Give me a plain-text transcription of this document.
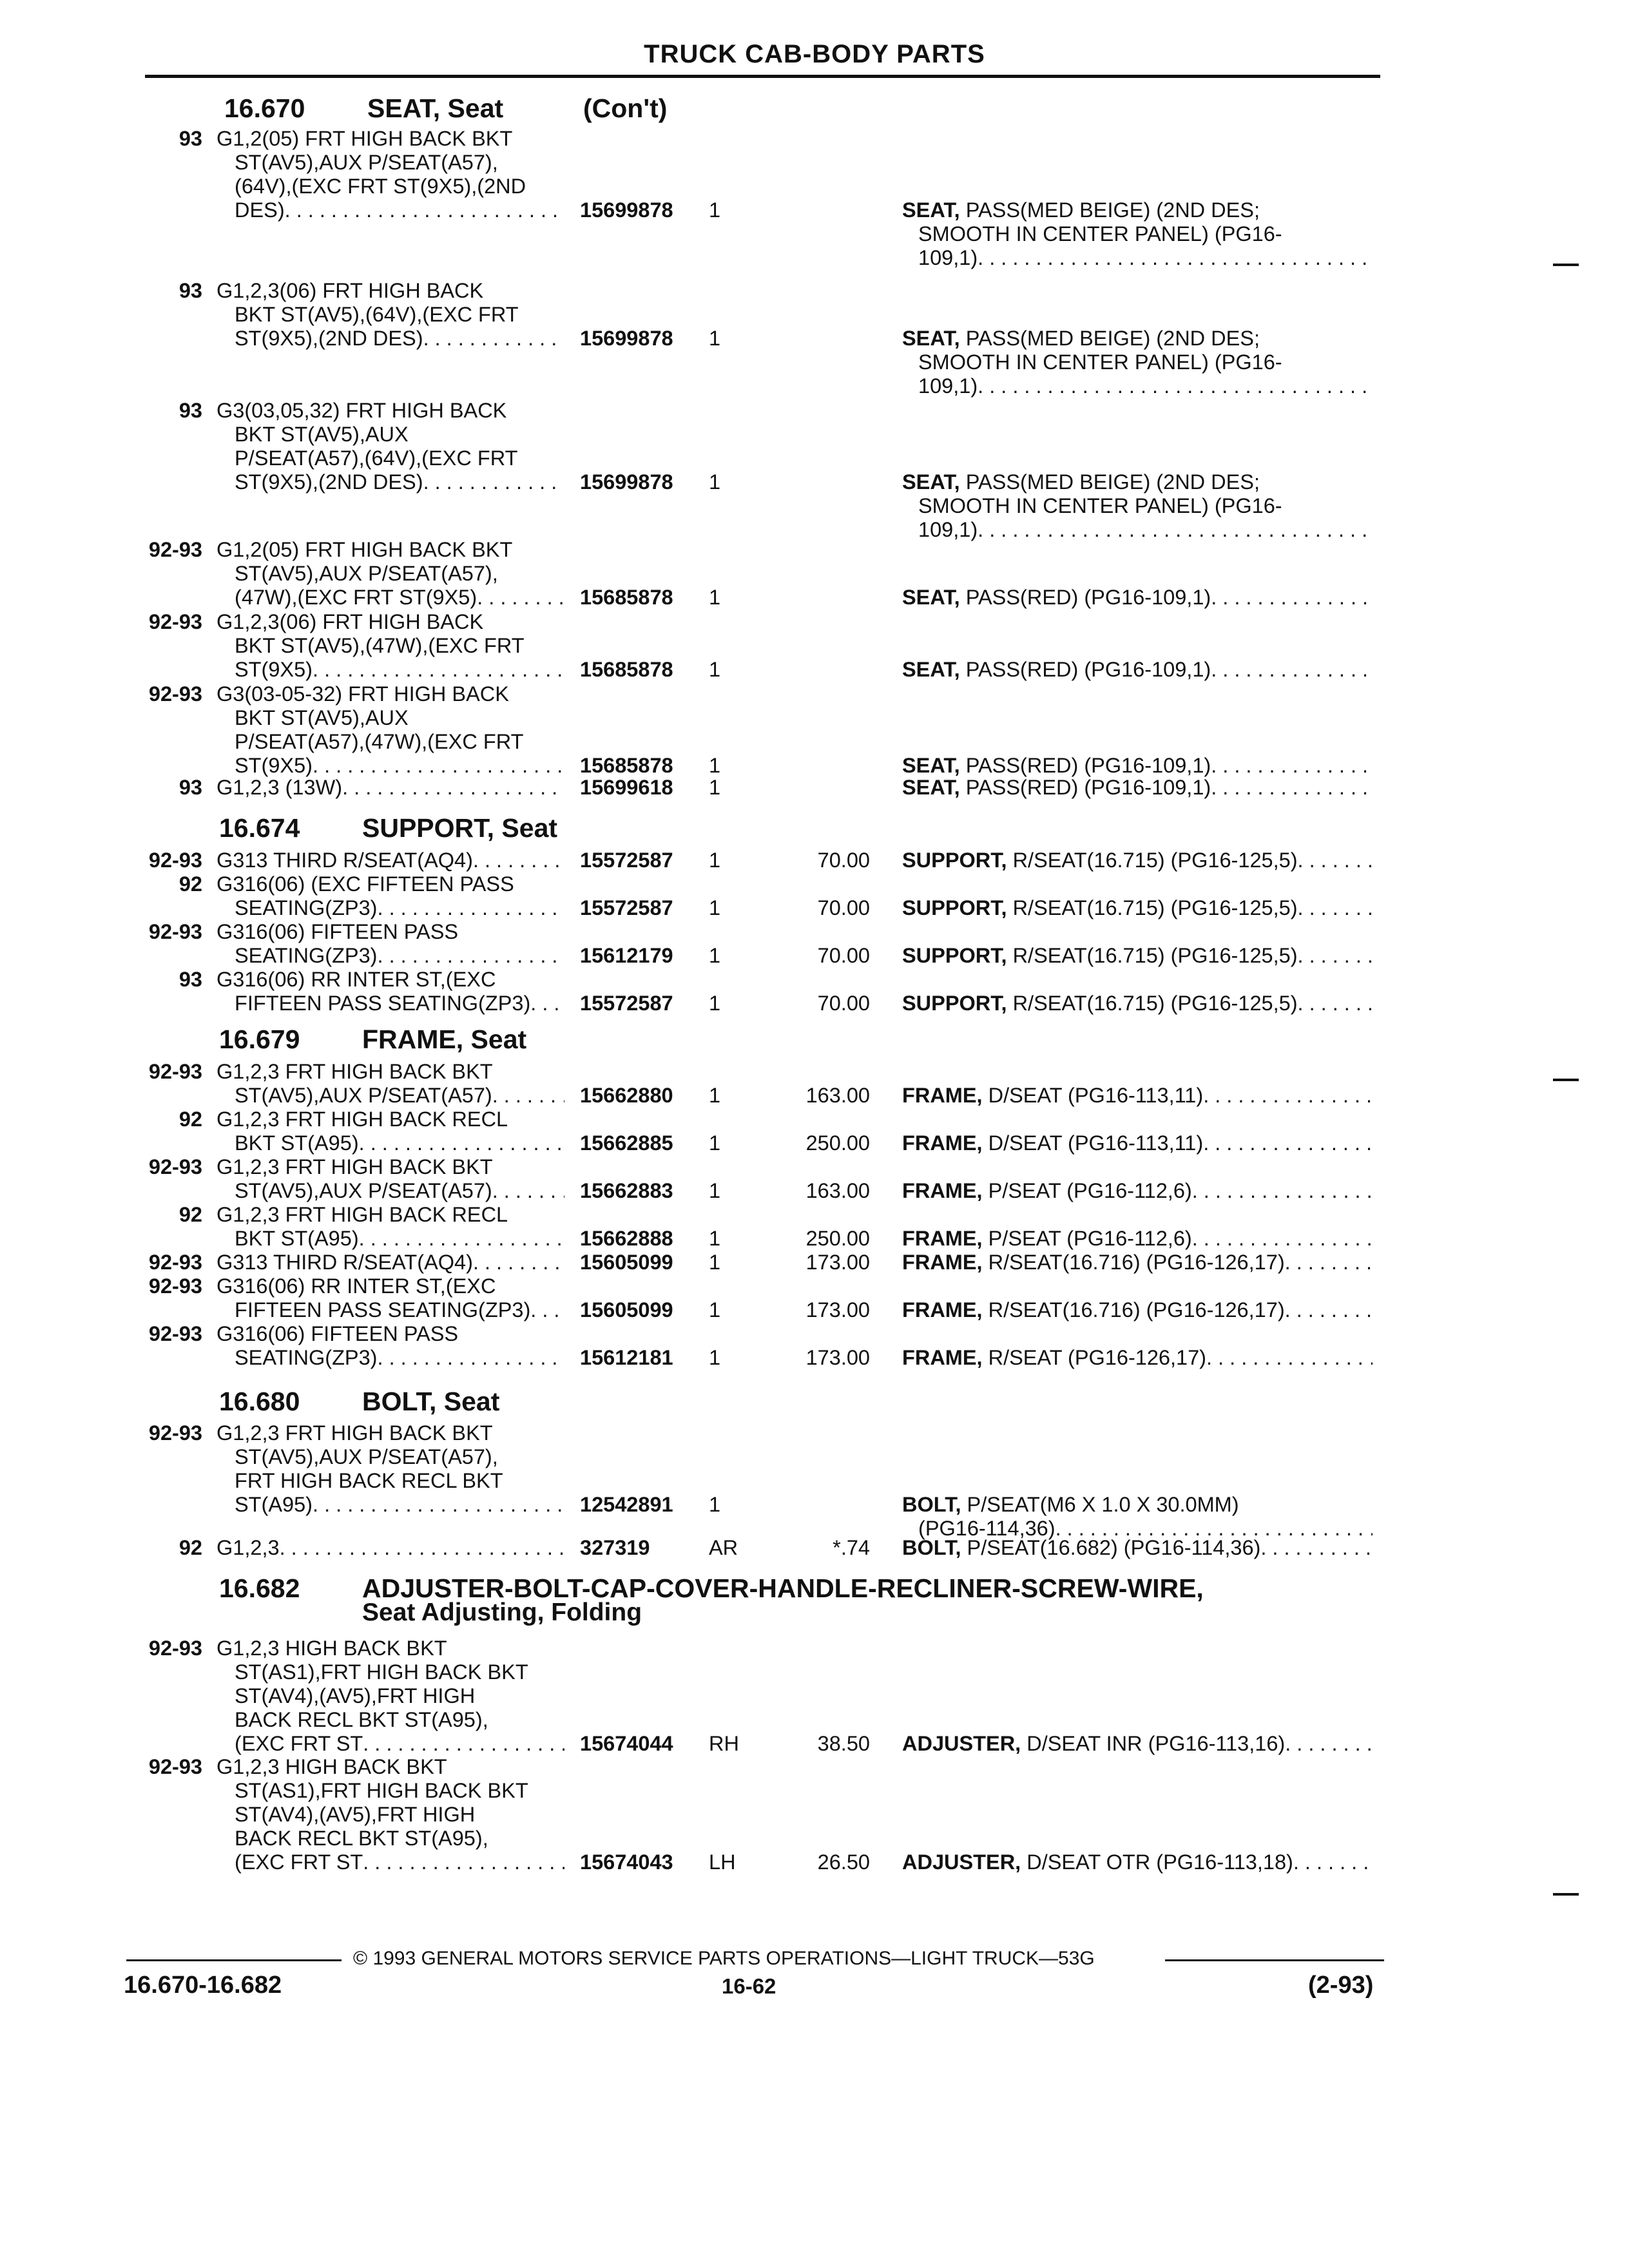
TRUCK CAB-BODY PARTS
16.670 SEAT, Seat	(Con't)
93 G1,2(05) FRT HIGH BACK BKT
ST(AV5),AUX P/SEAT(A57),
(64V),(EXC FRT ST(9X5),(2ND
DES) . . .	15699878 1	SEAT, PASS(MED BEIGE) (2ND DES;
SMOOTH IN CENTER PANEL) (PG16-
109,1). . .
93 G1,2,3(06) FRT HIGH BACK
BKT ST(AV5),(64V),(EXC FRT
ST(9X5),(2ND DES) . . .	15699878 1	SEAT, PASS(MED BEIGE) (2ND DES;
SMOOTH IN CENTER PANEL) (PG16-
109,1). . .
93 G3(03,05,32) FRT HIGH BACK
BKT ST(AV5),AUX
P/SEAT(A57),(64V),(EXC FRT
ST(9X5),(2ND DES) . . .	15699878 1	SEAT, PASS(MED BEIGE) (2ND DES;
SMOOTH IN CENTER PANEL) (PG16-
109,1). . .
92-93 G1,2(05) FRT HIGH BACK BKT
ST(AV5),AUX P/SEAT(A57),
(47W),(EXC FRT ST(9X5) . . .	15685878 1	SEAT, PASS(RED) (PG16-109,1). . .
92-93 G1,2,3(06) FRT HIGH BACK
BKT ST(AV5),(47W),(EXC FRT
ST(9X5) . . .	15685878 1	SEAT, PASS(RED) (PG16-109,1). . .
92-93 G3(03-05-32) FRT HIGH BACK
BKT ST(AV5),AUX
P/SEAT(A57),(47W),(EXC FRT
ST(9X5) . . .	15685878 1	SEAT, PASS(RED) (PG16-109,1). . .
93 G1,2,3 (13W) . . .	15699618 1	SEAT, PASS(RED) (PG16-109,1). . .
16.674 SUPPORT, Seat
92-93 G313 THIRD R/SEAT(AQ4) . . .	15572587 1	70.00 SUPPORT, R/SEAT(16.715) (PG16-125,5). . .
92 G316(06) (EXC FIFTEEN PASS
SEATING(ZP3) . . .	15572587 1	70.00 SUPPORT, R/SEAT(16.715) (PG16-125,5). . .
92-93 G316(06) FIFTEEN PASS
SEATING(ZP3) . . .	15612179 1	70.00 SUPPORT, R/SEAT(16.715) (PG16-125,5). . .
93 G316(06) RR INTER ST,(EXC
FIFTEEN PASS SEATING(ZP3) . . .	15572587 1	70.00 SUPPORT, R/SEAT(16.715) (PG16-125,5). . .
16.679 FRAME, Seat
92-93 G1,2,3 FRT HIGH BACK BKT
ST(AV5),AUX P/SEAT(A57) . . .	15662880 1	163.00 FRAME, D/SEAT (PG16-113,11). . .
92 G1,2,3 FRT HIGH BACK RECL
BKT ST(A95) . . .	15662885 1	250.00 FRAME, D/SEAT (PG16-113,11). . .
92-93 G1,2,3 FRT HIGH BACK BKT
ST(AV5),AUX P/SEAT(A57) . . .	15662883 1	163.00 FRAME, P/SEAT (PG16-112,6). . .
92 G1,2,3 FRT HIGH BACK RECL
BKT ST(A95) . . .	15662888 1	250.00 FRAME, P/SEAT (PG16-112,6). . .
92-93 G313 THIRD R/SEAT(AQ4) . . .	15605099 1	173.00 FRAME, R/SEAT(16.716) (PG16-126,17). . .
92-93 G316(06) RR INTER ST,(EXC
FIFTEEN PASS SEATING(ZP3) . . .	15605099 1	173.00 FRAME, R/SEAT(16.716) (PG16-126,17). . .
92-93 G316(06) FIFTEEN PASS
SEATING(ZP3) . . .	15612181 1	173.00 FRAME, R/SEAT (PG16-126,17). . .
16.680 BOLT, Seat
92-93 G1,2,3 FRT HIGH BACK BKT
ST(AV5),AUX P/SEAT(A57),
FRT HIGH BACK RECL BKT
ST(A95) . . .	12542891 1	BOLT, P/SEAT(M6 X 1.0 X 30.0MM)
(PG16-114,36). . .
92 G1,2,3 . . .	327319	AR	*.74 BOLT, P/SEAT(16.682) (PG16-114,36). . .
16.682 ADJUSTER-BOLT-CAP-COVER-HANDLE-RECLINER-SCREW-WIRE,
Seat Adjusting, Folding
92-93 G1,2,3 HIGH BACK BKT
ST(AS1),FRT HIGH BACK BKT
ST(AV4),(AV5),FRT HIGH
BACK RECL BKT ST(A95),
(EXC FRT ST . . .	15674044 RH	38.50 ADJUSTER, D/SEAT INR (PG16-113,16). . .
92-93 G1,2,3 HIGH BACK BKT
ST(AS1),FRT HIGH BACK BKT
ST(AV4),(AV5),FRT HIGH
BACK RECL BKT ST(A95),
(EXC FRT ST . . .	15674043 LH	26.50 ADJUSTER, D/SEAT OTR (PG16-113,18). . .
© 1993 GENERAL MOTORS SERVICE PARTS OPERATIONS—LIGHT TRUCK—53G
16.670-16.682	16-62	(2-93)
